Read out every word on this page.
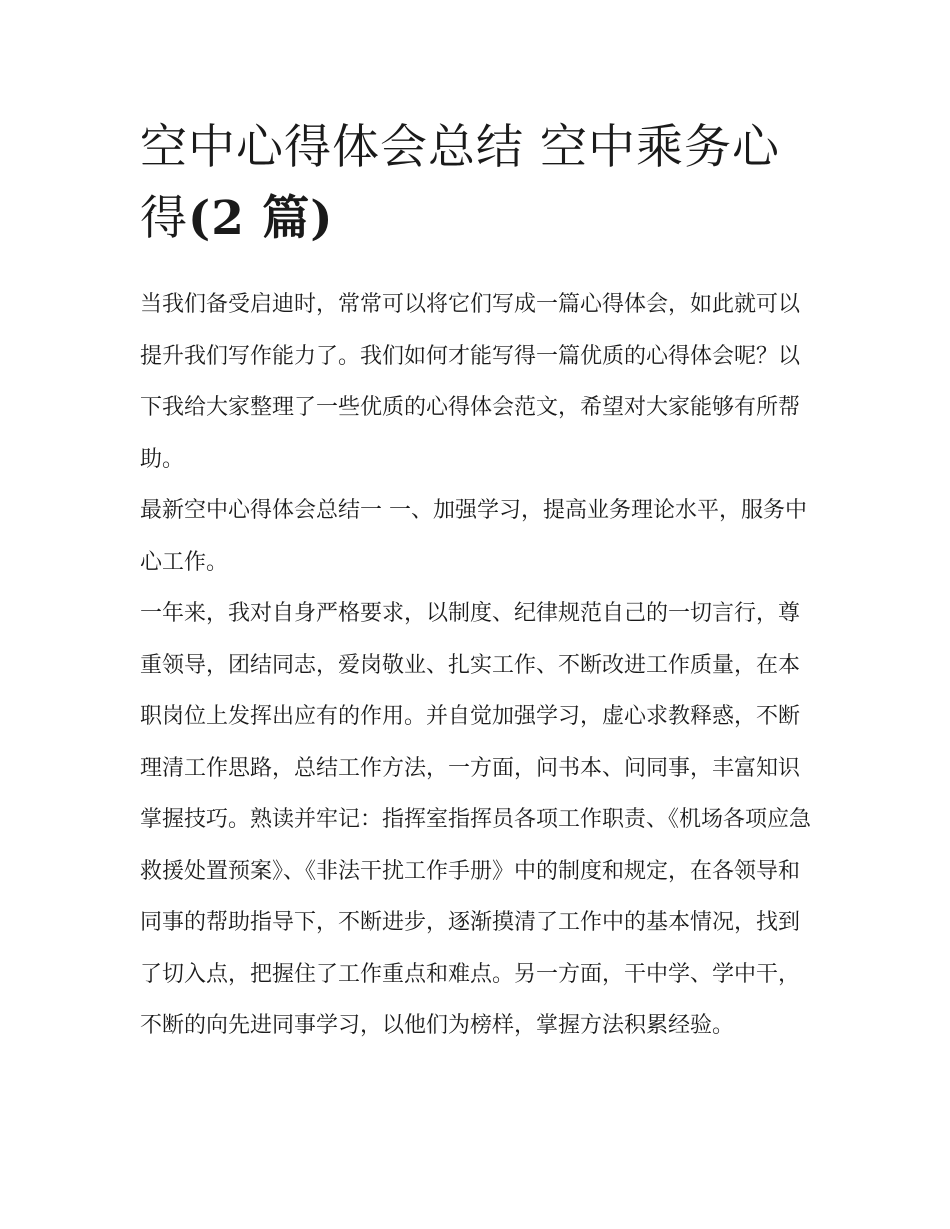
空中心得体会总结 空中乘务心得(2 篇)

当我们备受启迪时，常常可以将它们写成一篇心得体会，如此就可以提升我们写作能力了。我们如何才能写得一篇优质的心得体会呢？以下我给大家整理了一些优质的心得体会范文，希望对大家能够有所帮助。

最新空中心得体会总结一 一、加强学习，提高业务理论水平，服务中心工作。

一年来，我对自身严格要求，以制度、纪律规范自己的一切言行，尊重领导，团结同志，爱岗敬业、扎实工作、不断改进工作质量，在本职岗位上发挥出应有的作用。并自觉加强学习，虚心求教释惑，不断理清工作思路，总结工作方法，一方面，问书本、问同事，丰富知识掌握技巧。熟读并牢记：指挥室指挥员各项工作职责、《机场各项应急救援处置预案》、《非法干扰工作手册》中的制度和规定，在各领导和同事的帮助指导下，不断进步，逐渐摸清了工作中的基本情况，找到了切入点，把握住了工作重点和难点。另一方面，干中学、学中干，不断的向先进同事学习，以他们为榜样，掌握方法积累经验。
